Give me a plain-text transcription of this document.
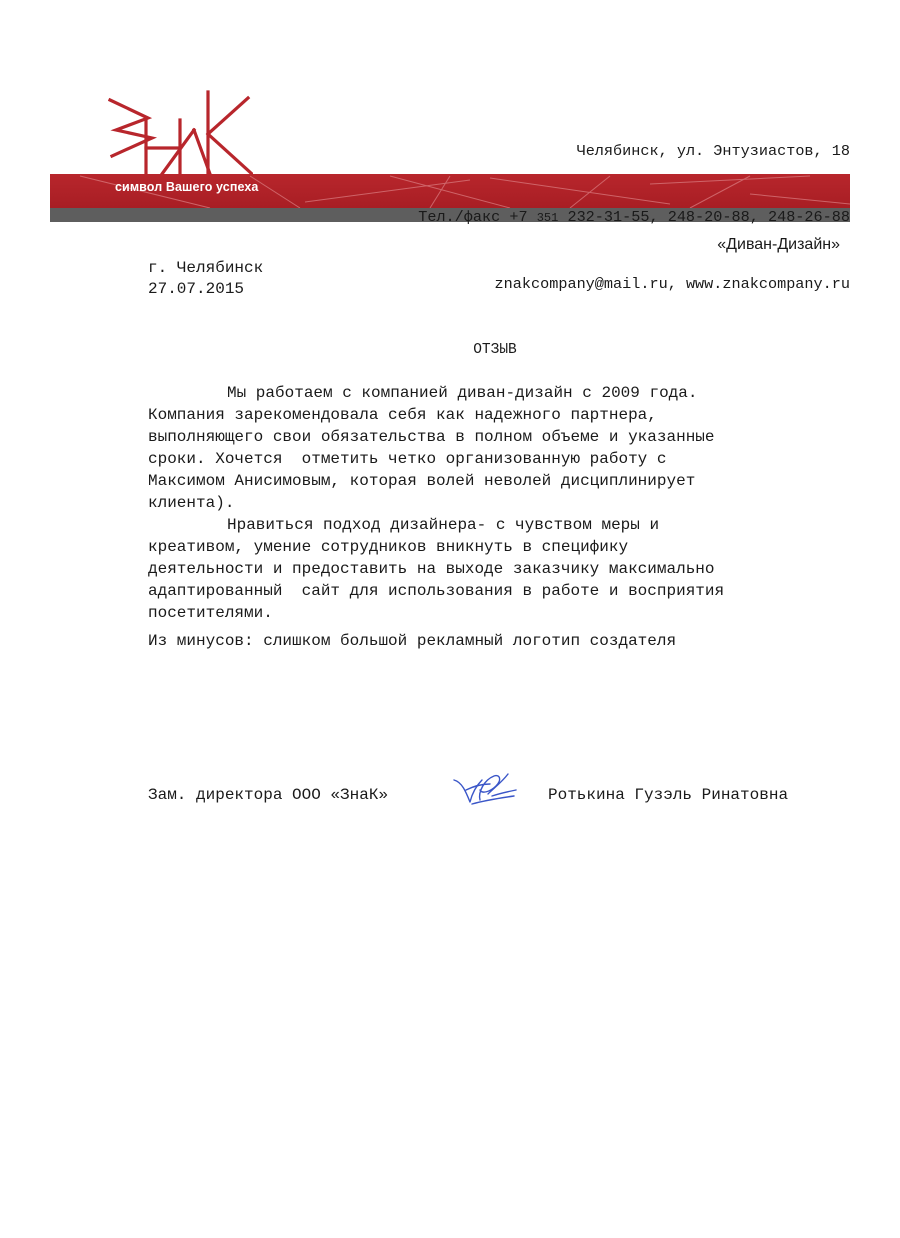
символ Вашего успеха

Челябинск, ул. Энтузиастов, 18

Тел./факс +7 351 232-31-55, 248-20-88, 248-26-88

znakcompany@mail.ru, www.znakcompany.ru

«Диван-Дизайн»
г. Челябинск
27.07.2015
ОТЗЫВ
Мы работаем с компанией диван-дизайн с 2009 года.
Компания зарекомендовала себя как надежного партнера,
выполняющего свои обязательства в полном объеме и указанные
сроки. Хочется  отметить четко организованную работу с
Максимом Анисимовым, которая волей неволей дисциплинирует
клиента).
Нравиться подход дизайнера- с чувством меры и
креативом, умение сотрудников вникнуть в специфику
деятельности и предоставить на выходе заказчику максимально
адаптированный  сайт для использования в работе и восприятия
посетителями.
Из минусов: слишком большой рекламный логотип создателя
Зам. директора ООО «ЗнаК»	Ротькина Гузэль Ринатовна
